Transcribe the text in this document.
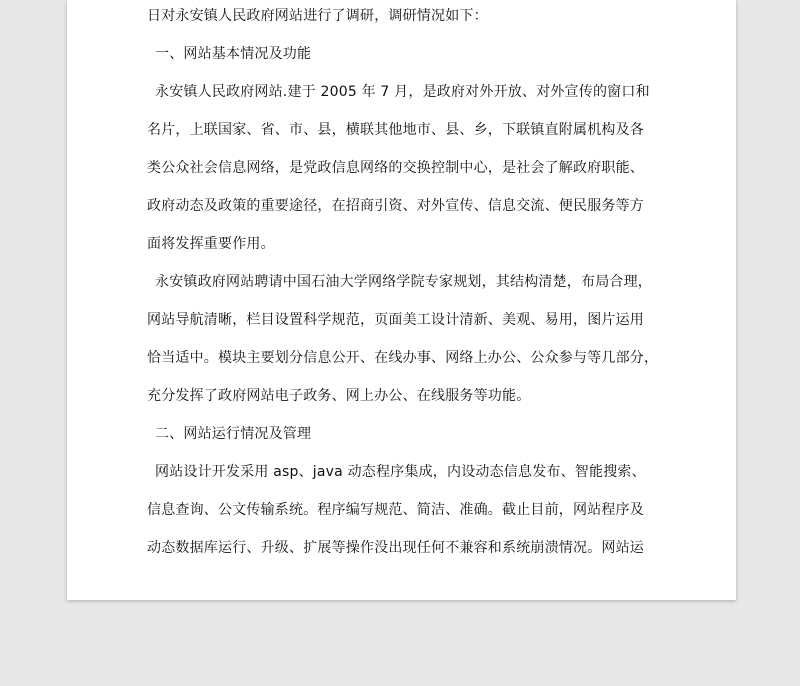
日对永安镇人民政府网站进行了调研，调研情况如下：

一、网站基本情况及功能

永安镇人民政府网站.建于 2005 年 7 月，是政府对外开放、对外宣传的窗口和

名片，上联国家、省、市、县，横联其他地市、县、乡，下联镇直附属机构及各

类公众社会信息网络，是党政信息网络的交换控制中心，是社会了解政府职能、

政府动态及政策的重要途径，在招商引资、对外宣传、信息交流、便民服务等方

面将发挥重要作用。

永安镇政府网站聘请中国石油大学网络学院专家规划，其结构清楚，布局合理，

网站导航清晰，栏目设置科学规范，页面美工设计清新、美观、易用，图片运用

恰当适中。模块主要划分信息公开、在线办事、网络上办公、公众参与等几部分，

充分发挥了政府网站电子政务、网上办公、在线服务等功能。

二、网站运行情况及管理

网站设计开发采用 asp、java 动态程序集成，内设动态信息发布、智能搜索、

信息查询、公文传输系统。程序编写规范、简洁、准确。截止目前，网站程序及

动态数据库运行、升级、扩展等操作没出现任何不兼容和系统崩溃情况。网站运
